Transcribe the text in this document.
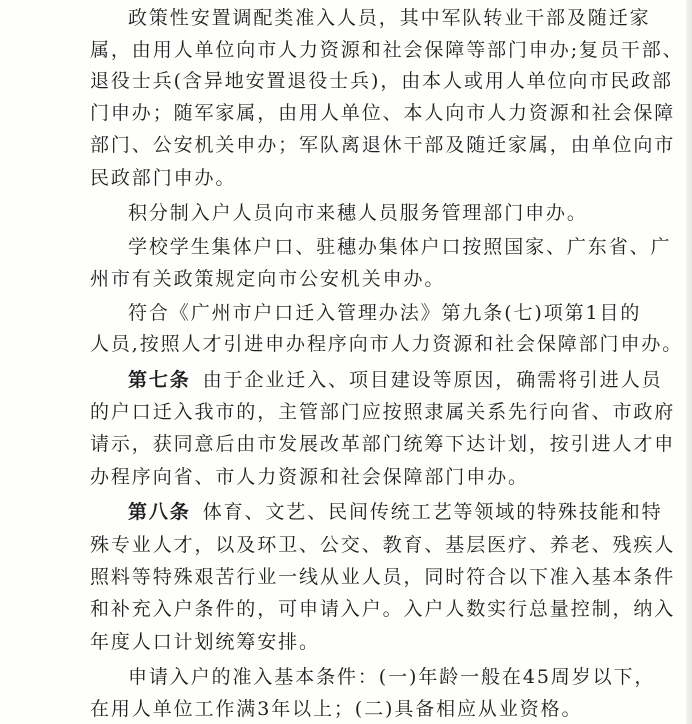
政策性安置调配类准入人员，其中军队转业干部及随迁家
属，由用人单位向市人力资源和社会保障等部门申办;复员干部、
退役士兵(含异地安置退役士兵)，由本人或用人单位向市民政部
门申办；随军家属，由用人单位、本人向市人力资源和社会保障
部门、公安机关申办；军队离退休干部及随迁家属，由单位向市
民政部门申办。
积分制入户人员向市来穗人员服务管理部门申办。
学校学生集体户口、驻穗办集体户口按照国家、广东省、广
州市有关政策规定向市公安机关申办。
符合《广州市户口迁入管理办法》第九条(七)项第1目的
人员,按照人才引进申办程序向市人力资源和社会保障部门申办。
第七条 由于企业迁入、项目建设等原因，确需将引进人员
的户口迁入我市的，主管部门应按照隶属关系先行向省、市政府
请示，获同意后由市发展改革部门统筹下达计划，按引进人才申
办程序向省、市人力资源和社会保障部门申办。
第八条 体育、文艺、民间传统工艺等领域的特殊技能和特
殊专业人才，以及环卫、公交、教育、基层医疗、养老、残疾人
照料等特殊艰苦行业一线从业人员，同时符合以下准入基本条件
和补充入户条件的，可申请入户。入户人数实行总量控制，纳入
年度人口计划统筹安排。
申请入户的准入基本条件：(一)年龄一般在45周岁以下，
在用人单位工作满3年以上；(二)具备相应从业资格。
